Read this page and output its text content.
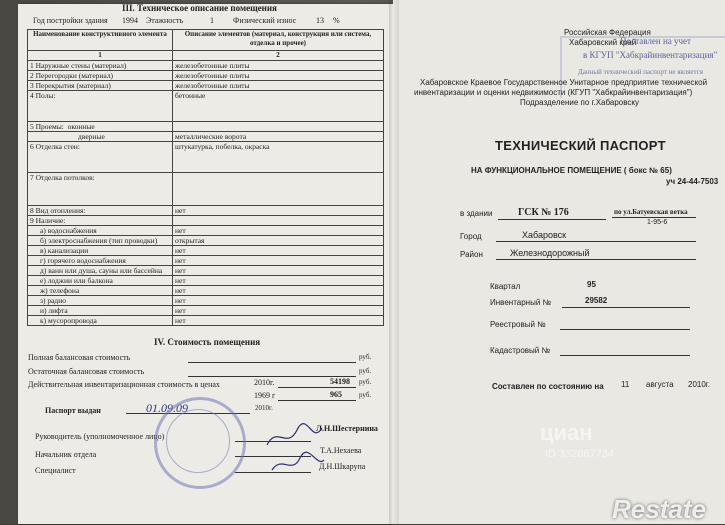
III. Техническое описание помещения
Год постройки здания 1994 Этажность	1 Физический износ 13 %
Наименование конструктивного элемента	Описание элементов (материал, конструкция или система, отделка и прочее)
1	2
1 Наружные стены (материал)	железобетонные плиты
2 Перегородки (материал)	железобетонные плиты
3 Перекрытия (материал)	железобетонные плиты
4 Полы:	бетонные
5 Проемы: оконные	
дверные	металлические ворота
6 Отделка стен:	штукатурка, побелка, окраска
7 Отделка потолков:	
8 Вид отопления:	нет
9 Наличие:	
а) водоснабжения	нет
б) электроснабжения (тип проводки)	открытая
в) канализации	нет
г) горячего водоснабжения	нет
д) ванн или душа, сауны или бассейна	нет
е) лоджии или балкона	нет
ж) телефона	нет
з) радио	нет
и) лифта	нет
к) мусоропровода	нет
IV. Стоимость помещения
Полная балансовая стоимость	руб.
Остаточная балансовая стоимость	руб.
Действительная инвентаризационная стоимость в ценах	2010г.	54198 руб.
1969 г	965 руб.
Паспорт выдан	01.09.09	2010г.
Руководитель (уполномоченное лицо)
Л.Н.Шестернина
Начальник отдела	Т.А.Нехаева
Специалист	Д.Н.Шкарупа
Российская Федерация
Хабаровский край
Поставлен на учет
в КГУП "Хабкрайинвентаризация"
Данный технический паспорт не является
Хабаровское Краевое Государственное Унитарное предприятие технической
инвентаризации и оценки недвижимости (КГУП "Хабкрайинвентаризация")
Подразделение по г.Хабаровску
ТЕХНИЧЕСКИЙ ПАСПОРТ
НА ФУНКЦИОНАЛЬНОЕ ПОМЕЩЕНИЕ ( бокс № 65)
уч 24-44-7503
в здании	ГСК № 176	по ул.Батуевская ветка
1-95-6
Город	Хабаровск
Район	Железнодорожный
Квартал	95
Инвентарный №	29582
Реестровый №
Кадастровый №
Составлен по состоянию на 11 августа 2010г.
циан
ID 332867734
Restate
